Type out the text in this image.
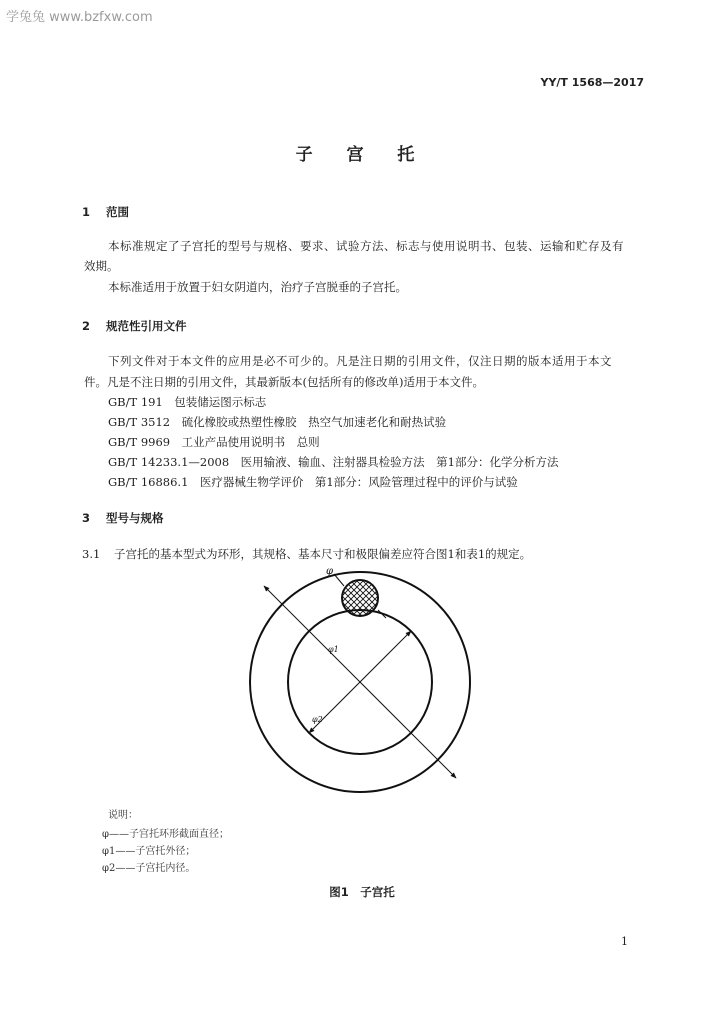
学兔兔 www.bzfxw.com
YY/T 1568—2017
子 宫 托
1 范围
本标准规定了子宫托的型号与规格、要求、试验方法、标志与使用说明书、包装、运输和贮存及有
效期。
本标准适用于放置于妇女阴道内，治疗子宫脱垂的子宫托。
2 规范性引用文件
下列文件对于本文件的应用是必不可少的。凡是注日期的引用文件，仅注日期的版本适用于本文
件。凡是不注日期的引用文件，其最新版本(包括所有的修改单)适用于本文件。
GB/T 191　包装储运图示标志
GB/T 3512　硫化橡胶或热塑性橡胶　热空气加速老化和耐热试验
GB/T 9969　工业产品使用说明书　总则
GB/T 14233.1—2008　医用输液、输血、注射器具检验方法　第1部分：化学分析方法
GB/T 16886.1　医疗器械生物学评价　第1部分：风险管理过程中的评价与试验
3 型号与规格
3.1 子宫托的基本型式为环形，其规格、基本尺寸和极限偏差应符合图1和表1的规定。
φ
φ1
φ2
说明：
φ——子宫托环形截面直径；
φ1——子宫托外径；
φ2——子宫托内径。
图1　子宫托
1
